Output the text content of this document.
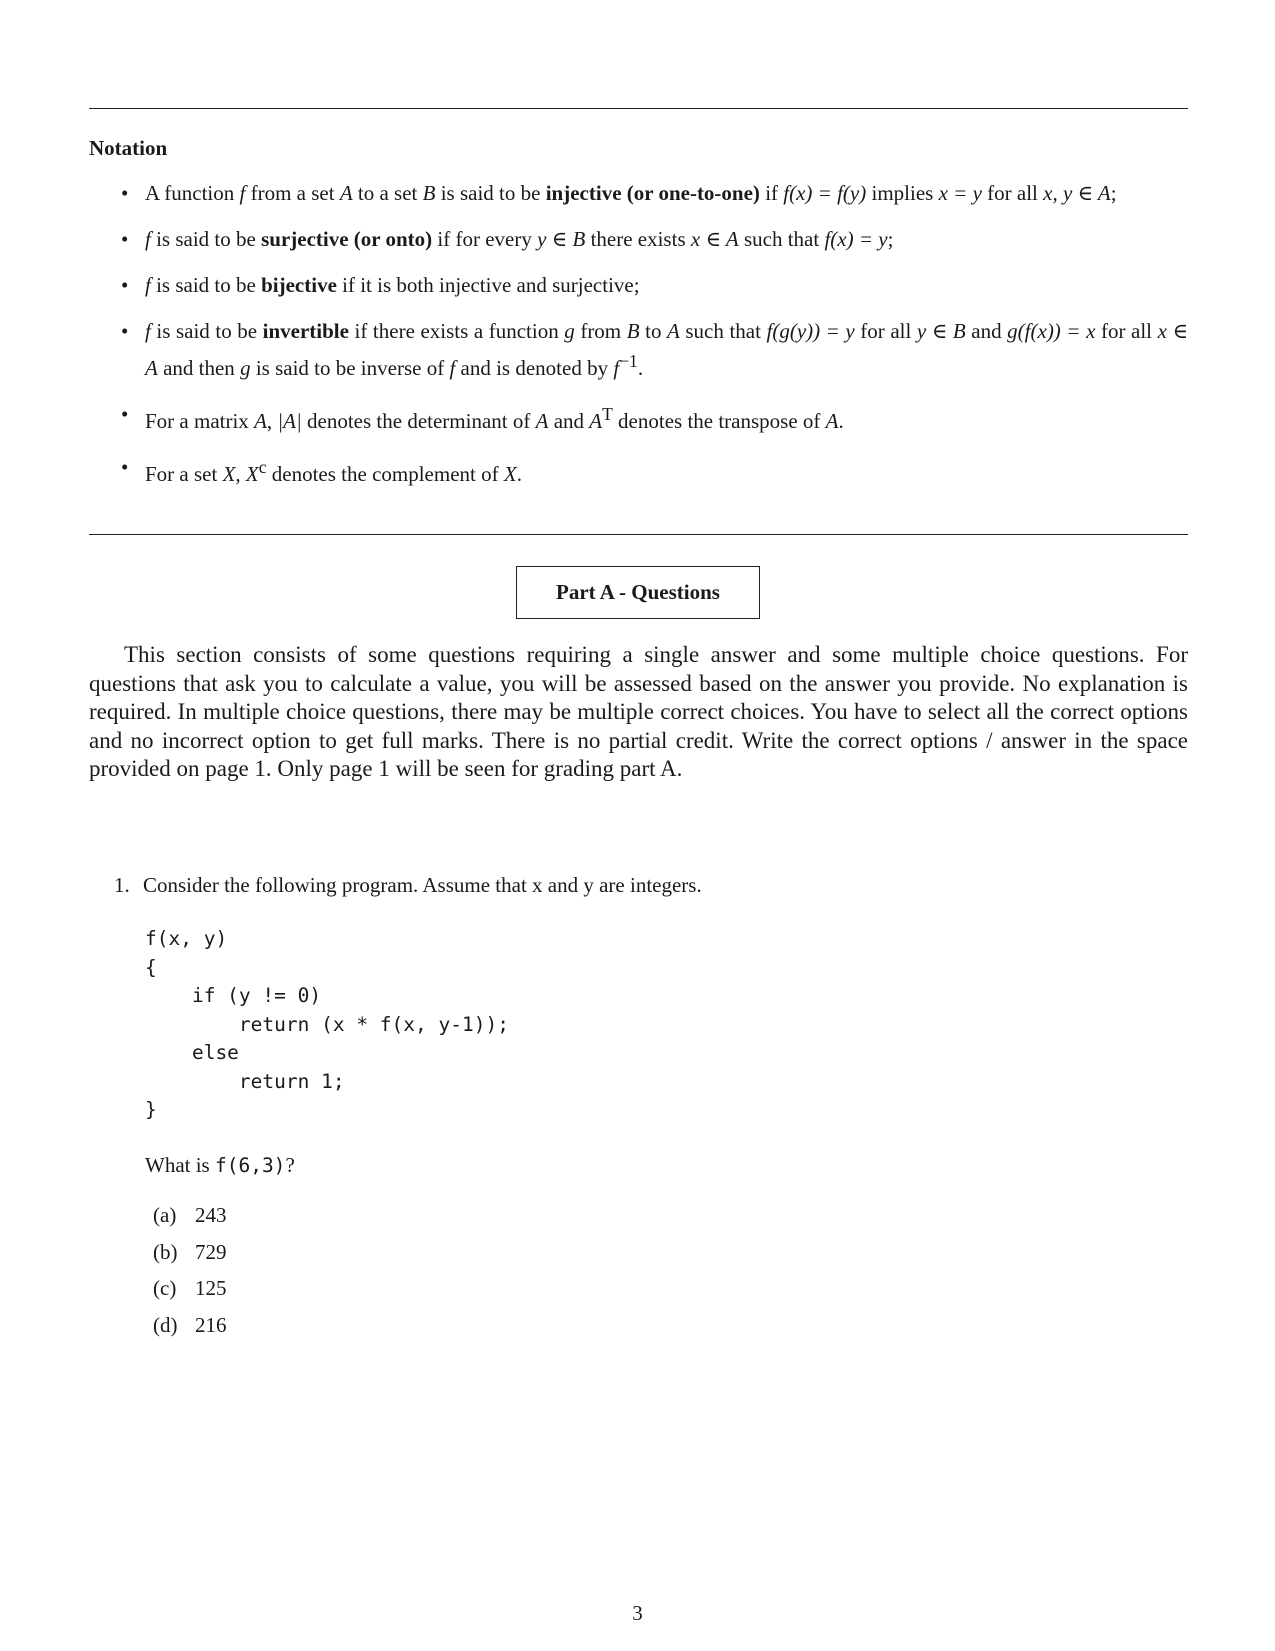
Notation
• A function f from a set A to a set B is said to be injective (or one-to-one) if f(x) = f(y) implies x = y for all x, y ∈ A;
• f is said to be surjective (or onto) if for every y ∈ B there exists x ∈ A such that f(x) = y;
• f is said to be bijective if it is both injective and surjective;
• f is said to be invertible if there exists a function g from B to A such that f(g(y)) = y for all y ∈ B and g(f(x)) = x for all x ∈ A and then g is said to be inverse of f and is denoted by $f^{-1}$.
• For a matrix A, |A| denotes the determinant of A and $A^T$ denotes the transpose of A.
• For a set X, $X^c$ denotes the complement of X.
Part A - Questions
This section consists of some questions requiring a single answer and some multiple choice questions. For questions that ask you to calculate a value, you will be assessed based on the answer you provide. No explanation is required. In multiple choice questions, there may be multiple correct choices. You have to select all the correct options and no incorrect option to get full marks. There is no partial credit. Write the correct options / answer in the space provided on page 1. Only page 1 will be seen for grading part A.
1. Consider the following program. Assume that x and y are integers.
f(x, y)
{
if (y != 0)
return (x * f(x, y-1));
else
return 1;
}
What is f(6,3)?
(a) 243
(b) 729
(c) 125
(d) 216
3
